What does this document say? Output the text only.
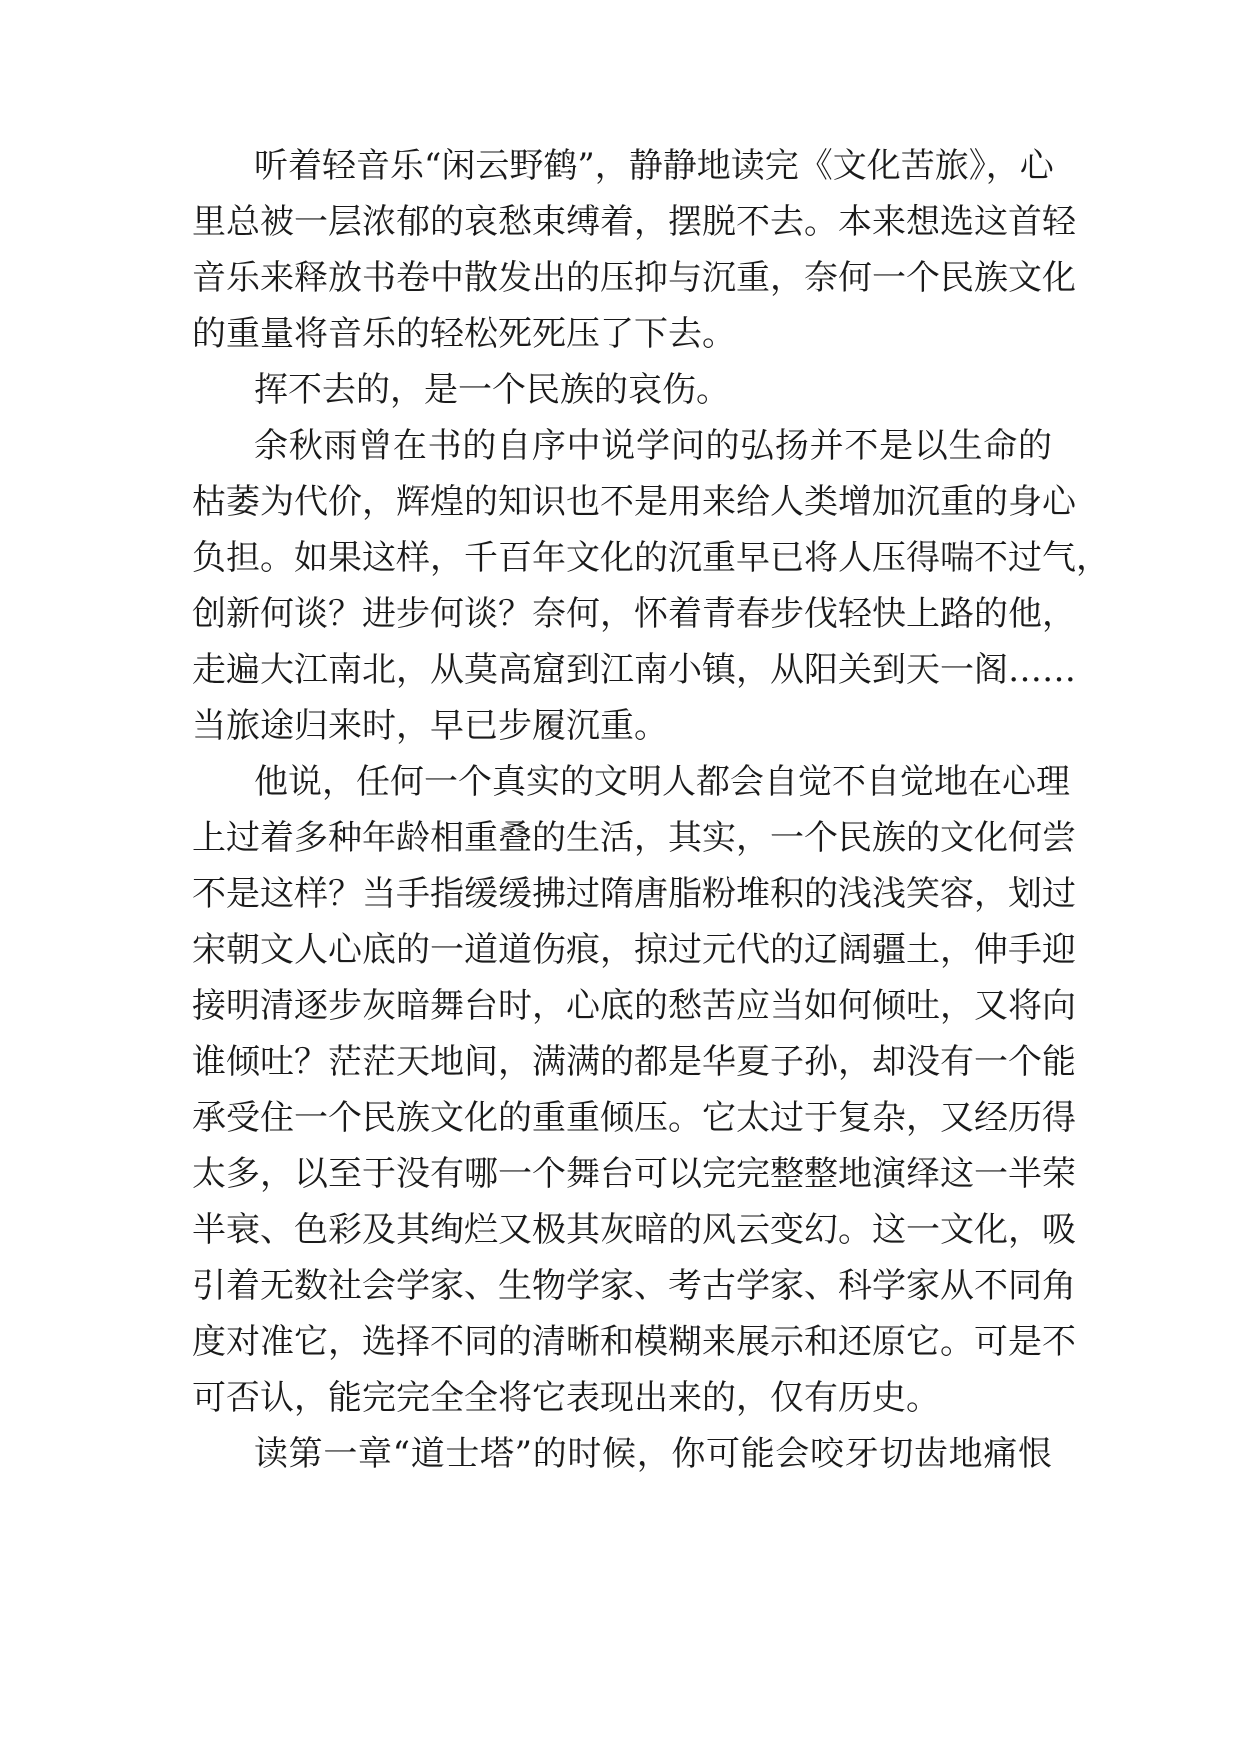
听着轻音乐“闲云野鹤”，静静地读完《文化苦旅》，心
里总被一层浓郁的哀愁束缚着，摆脱不去。本来想选这首轻
音乐来释放书卷中散发出的压抑与沉重，奈何一个民族文化
的重量将音乐的轻松死死压了下去。
挥不去的，是一个民族的哀伤。
余秋雨曾在书的自序中说学问的弘扬并不是以生命的
枯萎为代价，辉煌的知识也不是用来给人类增加沉重的身心
负担。如果这样，千百年文化的沉重早已将人压得喘不过气，
创新何谈？进步何谈？奈何，怀着青春步伐轻快上路的他，
走遍大江南北，从莫高窟到江南小镇，从阳关到天一阁……
当旅途归来时，早已步履沉重。
他说，任何一个真实的文明人都会自觉不自觉地在心理
上过着多种年龄相重叠的生活，其实，一个民族的文化何尝
不是这样？当手指缓缓拂过隋唐脂粉堆积的浅浅笑容，划过
宋朝文人心底的一道道伤痕，掠过元代的辽阔疆土，伸手迎
接明清逐步灰暗舞台时，心底的愁苦应当如何倾吐，又将向
谁倾吐？茫茫天地间，满满的都是华夏子孙，却没有一个能
承受住一个民族文化的重重倾压。它太过于复杂，又经历得
太多，以至于没有哪一个舞台可以完完整整地演绎这一半荣
半衰、色彩及其绚烂又极其灰暗的风云变幻。这一文化，吸
引着无数社会学家、生物学家、考古学家、科学家从不同角
度对准它，选择不同的清晰和模糊来展示和还原它。可是不
可否认，能完完全全将它表现出来的，仅有历史。
读第一章“道士塔”的时候，你可能会咬牙切齿地痛恨
